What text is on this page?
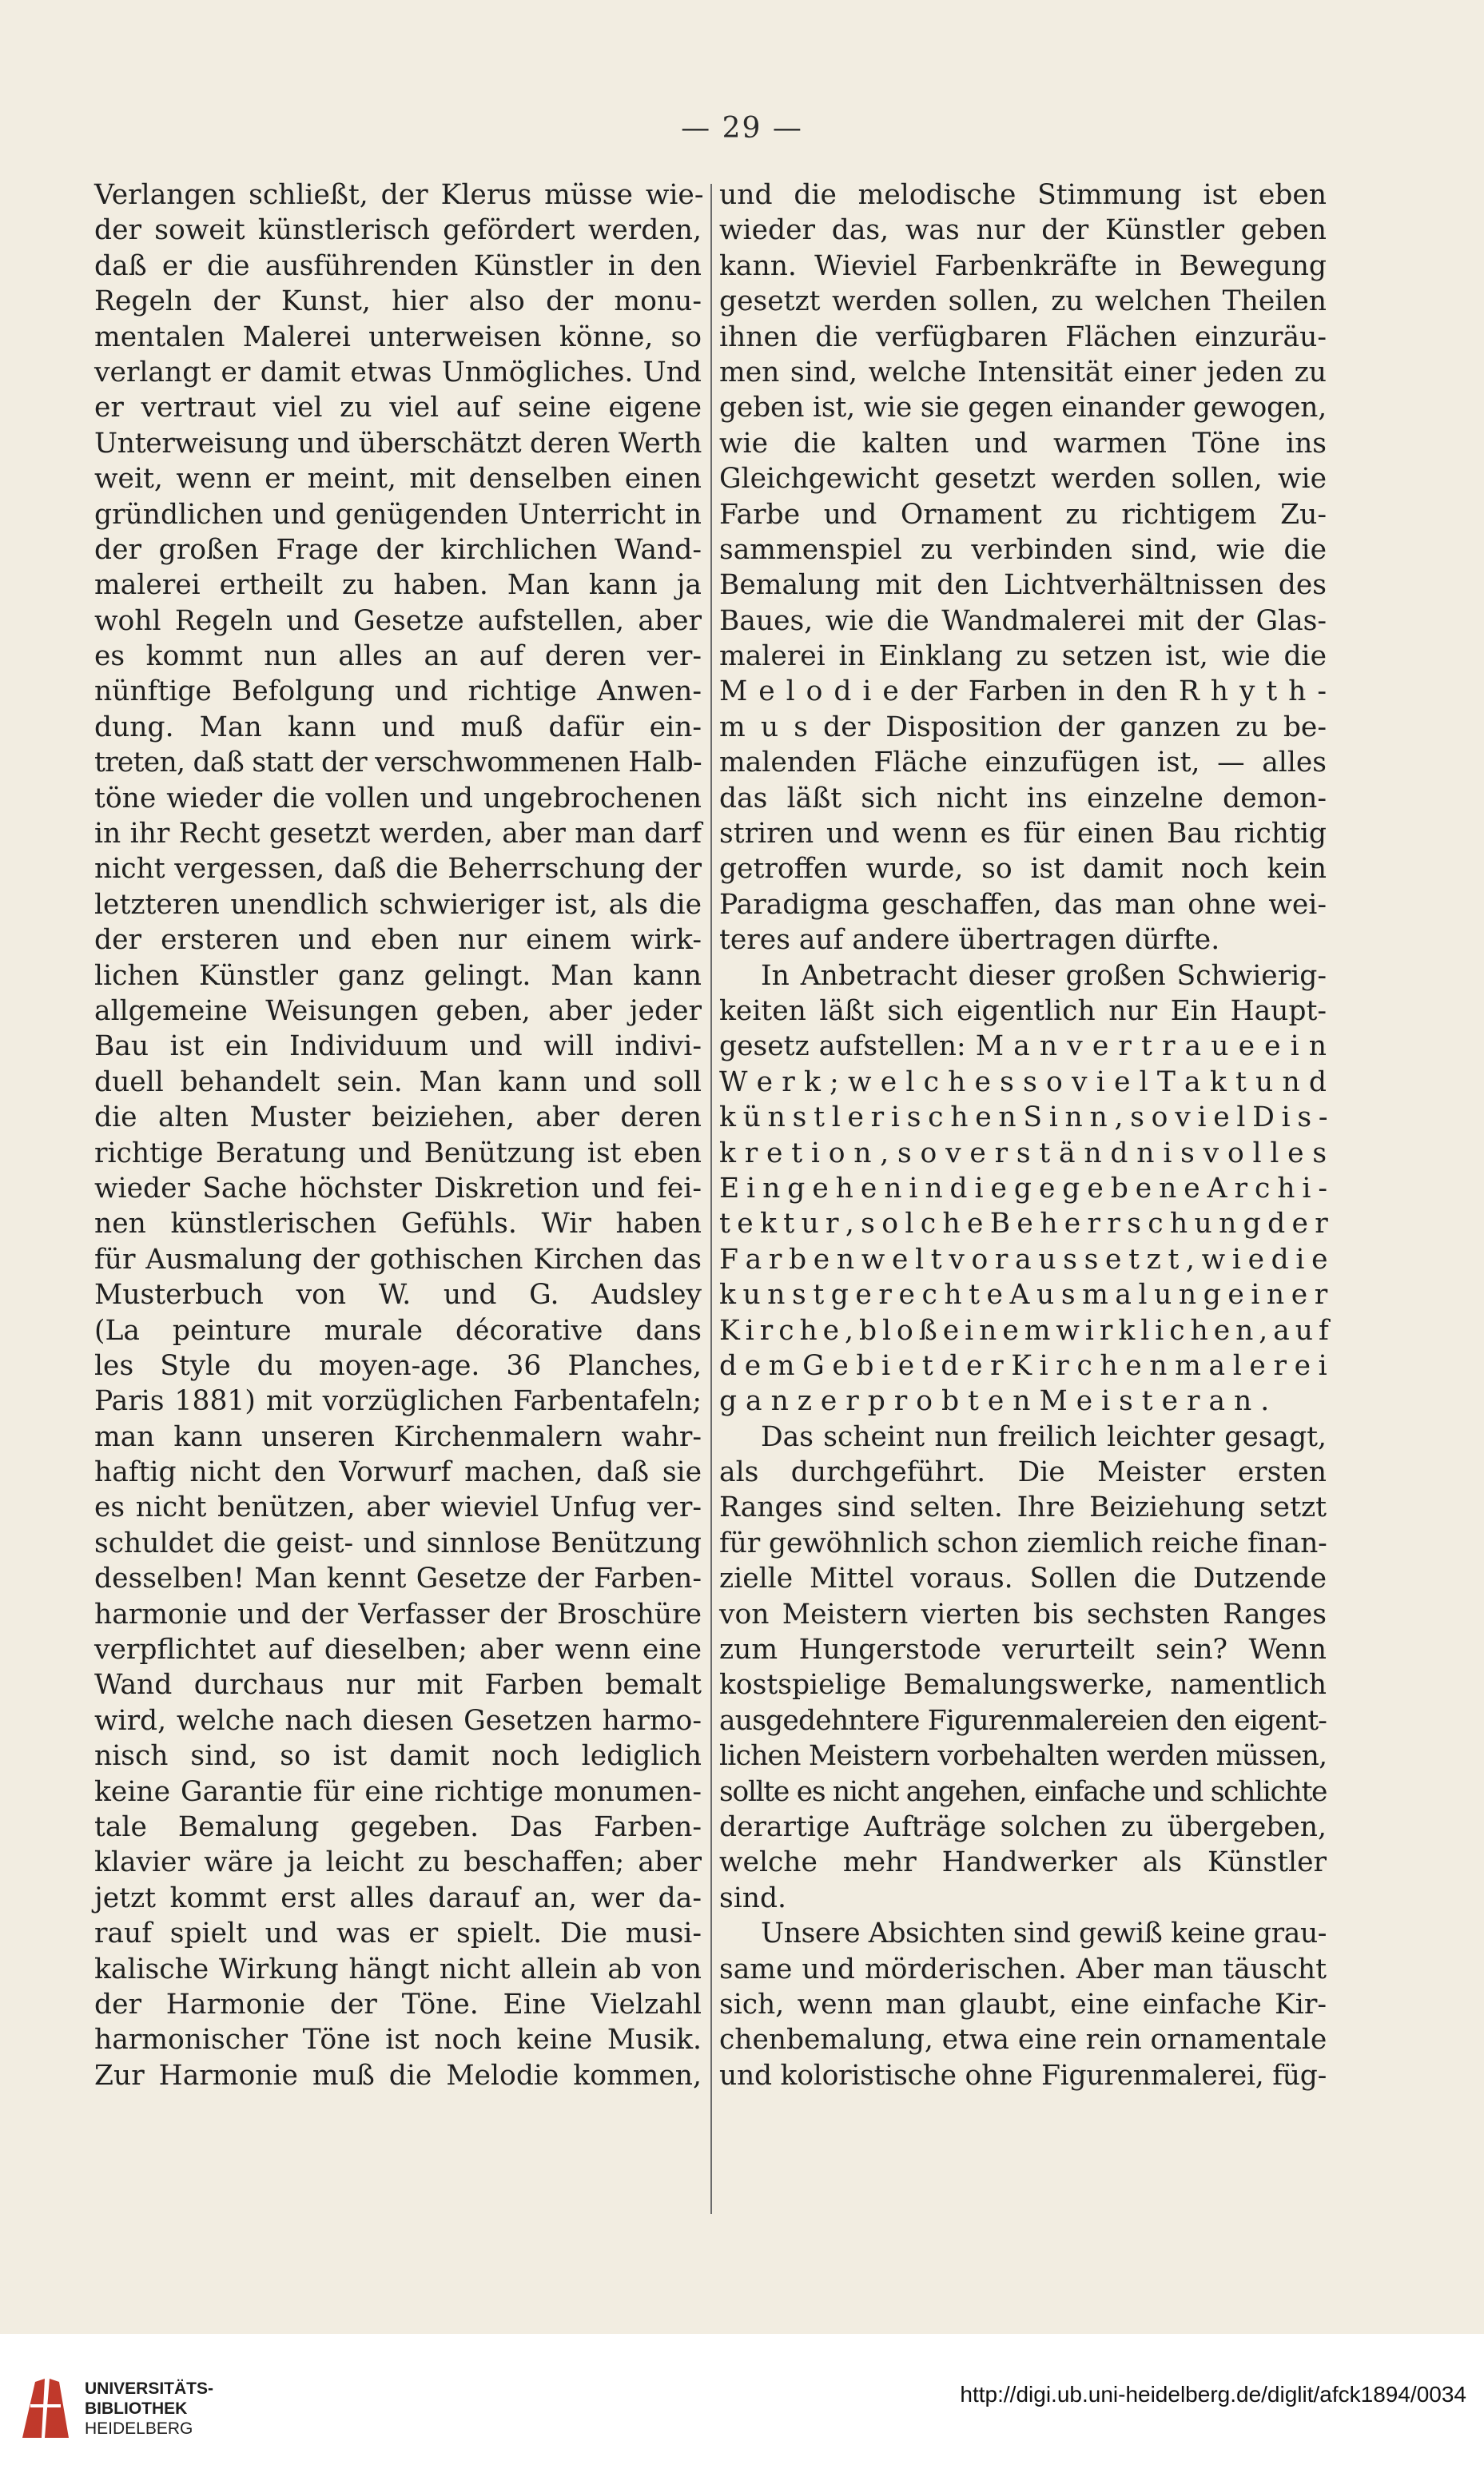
— 29 —
Verlangen schließt, der Klerus müsse wie-
der soweit künstlerisch gefördert werden,
daß er die ausführenden Künstler in den
Regeln der Kunst, hier also der monu-
mentalen Malerei unterweisen könne, so
verlangt er damit etwas Unmögliches. Und
er vertraut viel zu viel auf seine eigene
Unterweisung und überschätzt deren Werth
weit, wenn er meint, mit denselben einen
gründlichen und genügenden Unterricht in
der großen Frage der kirchlichen Wand-
malerei ertheilt zu haben. Man kann ja
wohl Regeln und Gesetze aufstellen, aber
es kommt nun alles an auf deren ver-
nünftige Befolgung und richtige Anwen-
dung. Man kann und muß dafür ein-
treten, daß statt der verschwommenen Halb-
töne wieder die vollen und ungebrochenen
in ihr Recht gesetzt werden, aber man darf
nicht vergessen, daß die Beherrschung der
letzteren unendlich schwieriger ist, als die
der ersteren und eben nur einem wirk-
lichen Künstler ganz gelingt. Man kann
allgemeine Weisungen geben, aber jeder
Bau ist ein Individuum und will indivi-
duell behandelt sein. Man kann und soll
die alten Muster beiziehen, aber deren
richtige Beratung und Benützung ist eben
wieder Sache höchster Diskretion und fei-
nen künstlerischen Gefühls. Wir haben
für Ausmalung der gothischen Kirchen das
Musterbuch von W. und G. Audsley
(La peinture murale décorative dans
les Style du moyen-age. 36 Planches,
Paris 1881) mit vorzüglichen Farbentafeln;
man kann unseren Kirchenmalern wahr-
haftig nicht den Vorwurf machen, daß sie
es nicht benützen, aber wieviel Unfug ver-
schuldet die geist- und sinnlose Benützung
desselben! Man kennt Gesetze der Farben-
harmonie und der Verfasser der Broschüre
verpflichtet auf dieselben; aber wenn eine
Wand durchaus nur mit Farben bemalt
wird, welche nach diesen Gesetzen harmo-
nisch sind, so ist damit noch lediglich
keine Garantie für eine richtige monumen-
tale Bemalung gegeben. Das Farben-
klavier wäre ja leicht zu beschaffen; aber
jetzt kommt erst alles darauf an, wer da-
rauf spielt und was er spielt. Die musi-
kalische Wirkung hängt nicht allein ab von
der Harmonie der Töne. Eine Vielzahl
harmonischer Töne ist noch keine Musik.
Zur Harmonie muß die Melodie kommen,
und die melodische Stimmung ist eben
wieder das, was nur der Künstler geben
kann. Wieviel Farbenkräfte in Bewegung
gesetzt werden sollen, zu welchen Theilen
ihnen die verfügbaren Flächen einzuräu-
men sind, welche Intensität einer jeden zu
geben ist, wie sie gegen einander gewogen,
wie die kalten und warmen Töne ins
Gleichgewicht gesetzt werden sollen, wie
Farbe und Ornament zu richtigem Zu-
sammenspiel zu verbinden sind, wie die
Bemalung mit den Lichtverhältnissen des
Baues, wie die Wandmalerei mit der Glas-
malerei in Einklang zu setzen ist, wie die
M e l o d i e der Farben in den R h y t h -
m u s der Disposition der ganzen zu be-
malenden Fläche einzufügen ist, — alles
das läßt sich nicht ins einzelne demon-
striren und wenn es für einen Bau richtig
getroffen wurde, so ist damit noch kein
Paradigma geschaffen, das man ohne wei-
teres auf andere übertragen dürfte.
In Anbetracht dieser großen Schwierig-
keiten läßt sich eigentlich nur Ein Haupt-
gesetz aufstellen: M a n v e r t r a u e e i n
W e r k ; w e l c h e s s o v i e l T a k t u n d
k ü n s t l e r i s c h e n S i n n , s o v i e l D i s -
k r e t i o n , s o v e r s t ä n d n i s v o l l e s
E i n g e h e n i n d i e g e g e b e n e A r c h i -
t e k t u r , s o l c h e B e h e r r s c h u n g d e r
F a r b e n w e l t v o r a u s s e t z t , w i e d i e
k u n s t g e r e c h t e A u s m a l u n g e i n e r
K i r c h e , b l o ß e i n e m w i r k l i c h e n , a u f
d e m G e b i e t d e r K i r c h e n m a l e r e i
g a n z e r p r o b t e n M e i s t e r a n .
Das scheint nun freilich leichter gesagt,
als durchgeführt. Die Meister ersten
Ranges sind selten. Ihre Beiziehung setzt
für gewöhnlich schon ziemlich reiche finan-
zielle Mittel voraus. Sollen die Dutzende
von Meistern vierten bis sechsten Ranges
zum Hungerstode verurteilt sein? Wenn
kostspielige Bemalungswerke, namentlich
ausgedehntere Figurenmalereien den eigent-
lichen Meistern vorbehalten werden müssen,
sollte es nicht angehen, einfache und schlichte
derartige Aufträge solchen zu übergeben,
welche mehr Handwerker als Künstler
sind.
Unsere Absichten sind gewiß keine grau-
same und mörderischen. Aber man täuscht
sich, wenn man glaubt, eine einfache Kir-
chenbemalung, etwa eine rein ornamentale
und koloristische ohne Figurenmalerei, füg-
UNIVERSITÄTS-
BIBLIOTHEK
HEIDELBERG
http://digi.ub.uni-heidelberg.de/diglit/afck1894/0034
